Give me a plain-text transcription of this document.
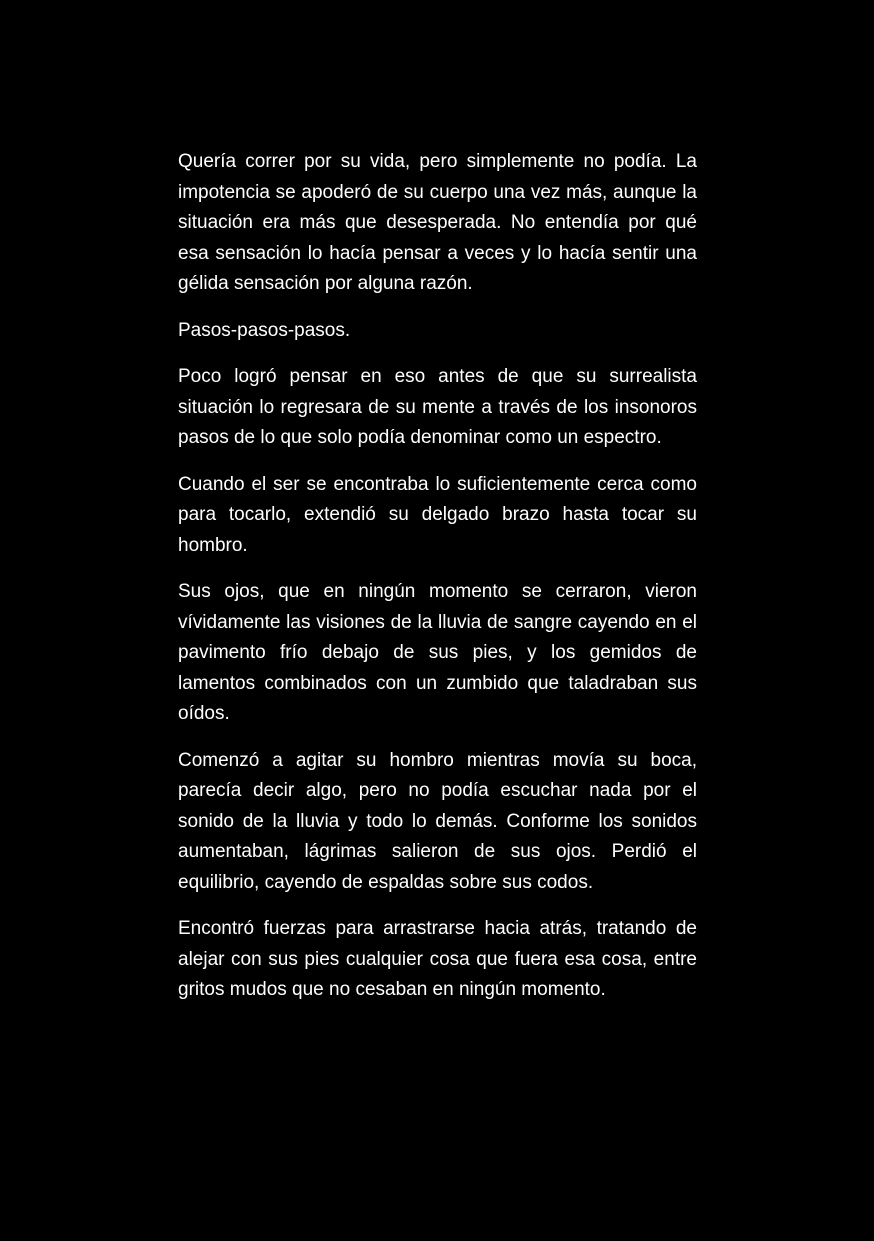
Quería correr por su vida, pero simplemente no podía. La impotencia se apoderó de su cuerpo una vez más, aunque la situación era más que desesperada. No entendía por qué esa sensación lo hacía pensar a veces y lo hacía sentir una gélida sensación por alguna razón.

Pasos-pasos-pasos.

Poco logró pensar en eso antes de que su surrealista situación lo regresara de su mente a través de los insonoros pasos de lo que solo podía denominar como un espectro.

Cuando el ser se encontraba lo suficientemente cerca como para tocarlo, extendió su delgado brazo hasta tocar su hombro.

Sus ojos, que en ningún momento se cerraron, vieron vívidamente las visiones de la lluvia de sangre cayendo en el pavimento frío debajo de sus pies, y los gemidos de lamentos combinados con un zumbido que taladraban sus oídos.

Comenzó a agitar su hombro mientras movía su boca, parecía decir algo, pero no podía escuchar nada por el sonido de la lluvia y todo lo demás. Conforme los sonidos aumentaban, lágrimas salieron de sus ojos. Perdió el equilibrio, cayendo de espaldas sobre sus codos.

Encontró fuerzas para arrastrarse hacia atrás, tratando de alejar con sus pies cualquier cosa que fuera esa cosa, entre gritos mudos que no cesaban en ningún momento.
